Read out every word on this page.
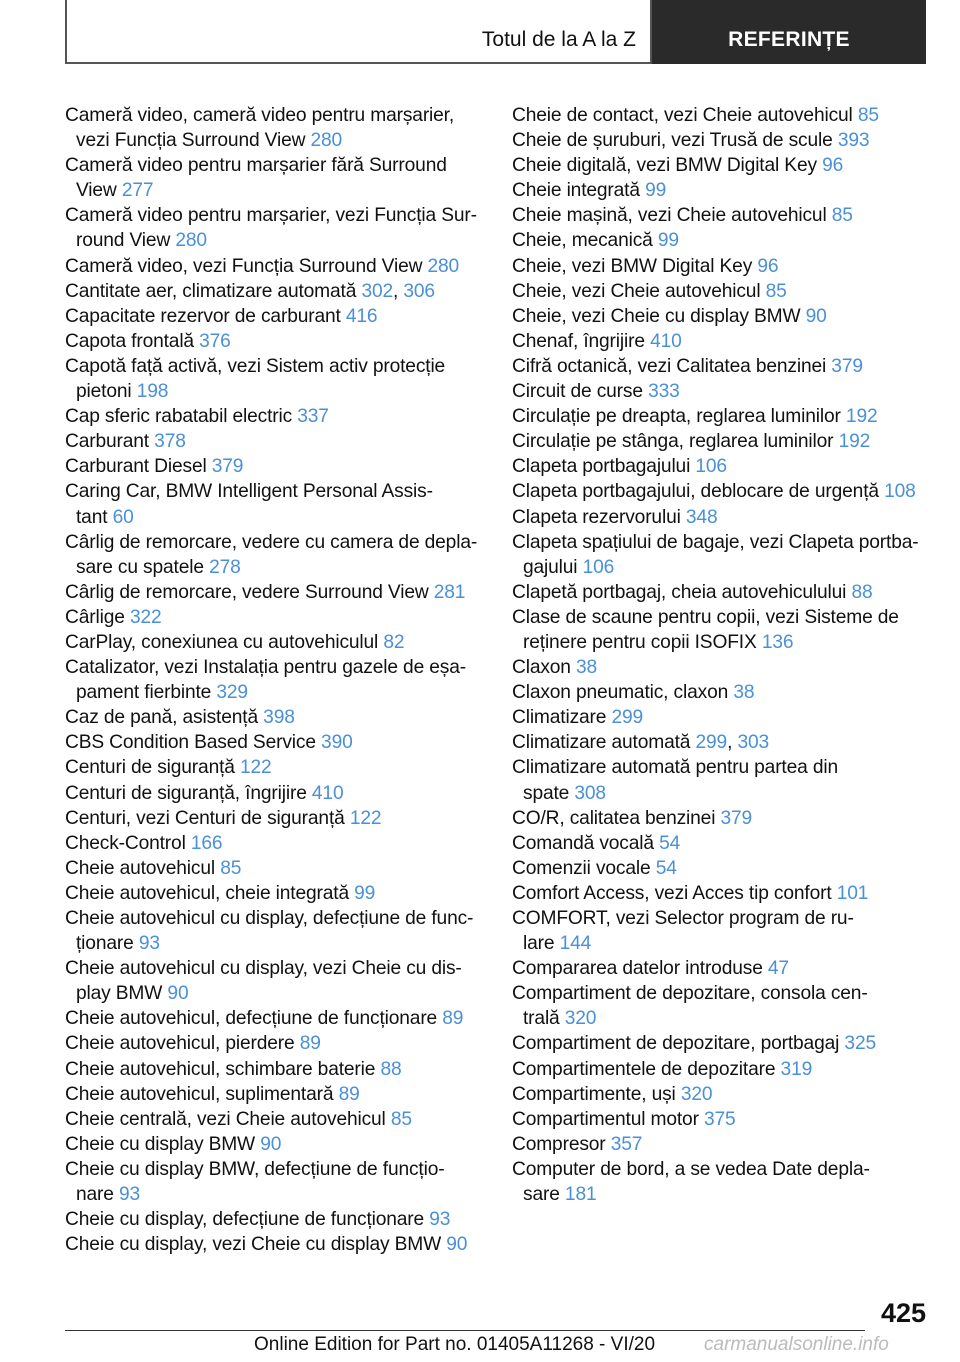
Totul de la A la Z	REFERINȚE
Cameră video, cameră video pentru marșarier,
vezi Funcția Surround View 280
Cameră video pentru marșarier fără Surround
View 277
Cameră video pentru marșarier, vezi Funcția Sur‐
round View 280
Cameră video, vezi Funcția Surround View 280
Cantitate aer, climatizare automată 302, 306
Capacitate rezervor de carburant 416
Capota frontală 376
Capotă față activă, vezi Sistem activ protecție
pietoni 198
Cap sferic rabatabil electric 337
Carburant 378
Carburant Diesel 379
Caring Car, BMW Intelligent Personal Assis‐
tant 60
Cârlig de remorcare, vedere cu camera de depla‐
sare cu spatele 278
Cârlig de remorcare, vedere Surround View 281
Cârlige 322
CarPlay, conexiunea cu autovehiculul 82
Catalizator, vezi Instalația pentru gazele de eșa‐
pament fierbinte 329
Caz de pană, asistență 398
CBS Condition Based Service 390
Centuri de siguranță 122
Centuri de siguranță, îngrijire 410
Centuri, vezi Centuri de siguranță 122
Check-Control 166
Cheie autovehicul 85
Cheie autovehicul, cheie integrată 99
Cheie autovehicul cu display, defecțiune de func‐
ționare 93
Cheie autovehicul cu display, vezi Cheie cu dis‐
play BMW 90
Cheie autovehicul, defecțiune de funcționare 89
Cheie autovehicul, pierdere 89
Cheie autovehicul, schimbare baterie 88
Cheie autovehicul, suplimentară 89
Cheie centrală, vezi Cheie autovehicul 85
Cheie cu display BMW 90
Cheie cu display BMW, defecțiune de funcțio‐
nare 93
Cheie cu display, defecțiune de funcționare 93
Cheie cu display, vezi Cheie cu display BMW 90
Cheie de contact, vezi Cheie autovehicul 85
Cheie de șuruburi, vezi Trusă de scule 393
Cheie digitală, vezi BMW Digital Key 96
Cheie integrată 99
Cheie mașină, vezi Cheie autovehicul 85
Cheie, mecanică 99
Cheie, vezi BMW Digital Key 96
Cheie, vezi Cheie autovehicul 85
Cheie, vezi Cheie cu display BMW 90
Chenaf, îngrijire 410
Cifră octanică, vezi Calitatea benzinei 379
Circuit de curse 333
Circulație pe dreapta, reglarea luminilor 192
Circulație pe stânga, reglarea luminilor 192
Clapeta portbagajului 106
Clapeta portbagajului, deblocare de urgență 108
Clapeta rezervorului 348
Clapeta spațiului de bagaje, vezi Clapeta portba‐
gajului 106
Clapetă portbagaj, cheia autovehiculului 88
Clase de scaune pentru copii, vezi Sisteme de
reținere pentru copii ISOFIX 136
Claxon 38
Claxon pneumatic, claxon 38
Climatizare 299
Climatizare automată 299, 303
Climatizare automată pentru partea din
spate 308
CO/R, calitatea benzinei 379
Comandă vocală 54
Comenzii vocale 54
Comfort Access, vezi Acces tip confort 101
COMFORT, vezi Selector program de ru‐
lare 144
Compararea datelor introduse 47
Compartiment de depozitare, consola cen‐
trală 320
Compartiment de depozitare, portbagaj 325
Compartimentele de depozitare 319
Compartimente, uși 320
Compartimentul motor 375
Compresor 357
Computer de bord, a se vedea Date depla‐
sare 181
425
Online Edition for Part no. 01405A11268 - VI/20	carmanualsonline.info
